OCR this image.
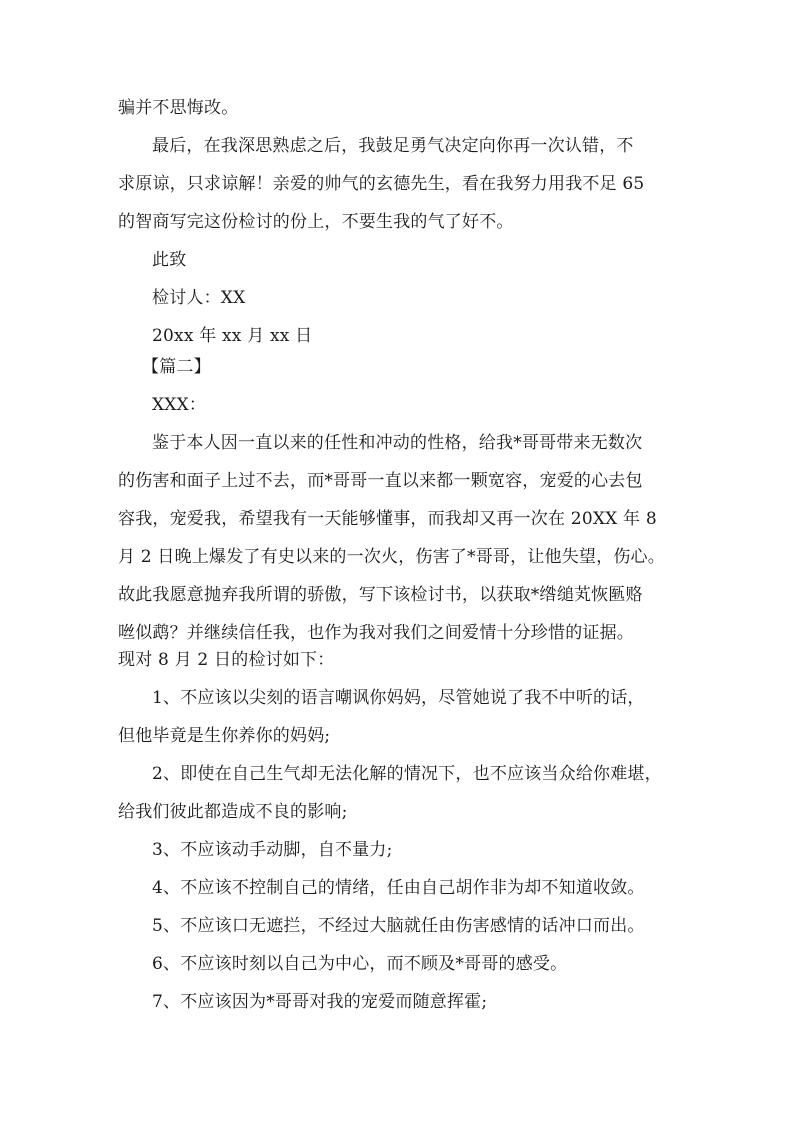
骗并不思悔改。

最后，在我深思熟虑之后，我鼓足勇气决定向你再一次认错，不

求原谅，只求谅解！亲爱的帅气的玄德先生，看在我努力用我不足 65

的智商写完这份检讨的份上，不要生我的气了好不。

此致

检讨人：XX

20xx 年 xx 月 xx 日

【篇二】

XXX：

鉴于本人因一直以来的任性和冲动的性格，给我*哥哥带来无数次

的伤害和面子上过不去，而*哥哥一直以来都一颗宽容，宠爱的心去包

容我，宠爱我，希望我有一天能够懂事，而我却又再一次在 20XX 年 8

月 2 日晚上爆发了有史以来的一次火，伤害了*哥哥，让他失望，伤心。

故此我愿意抛弃我所谓的骄傲，写下该检讨书，以获取*绺缒芄恢匦赂

咝似鹉？并继续信任我，也作为我对我们之间爱情十分珍惜的证据。

现对 8 月 2 日的检讨如下：

1、不应该以尖刻的语言嘲讽你妈妈，尽管她说了我不中听的话，

但他毕竟是生你养你的妈妈;

2、即使在自己生气却无法化解的情况下，也不应该当众给你难堪，

给我们彼此都造成不良的影响;

3、不应该动手动脚，自不量力;

4、不应该不控制自己的情绪，任由自己胡作非为却不知道收敛。

5、不应该口无遮拦，不经过大脑就任由伤害感情的话冲口而出。

6、不应该时刻以自己为中心，而不顾及*哥哥的感受。

7、不应该因为*哥哥对我的宠爱而随意挥霍;
